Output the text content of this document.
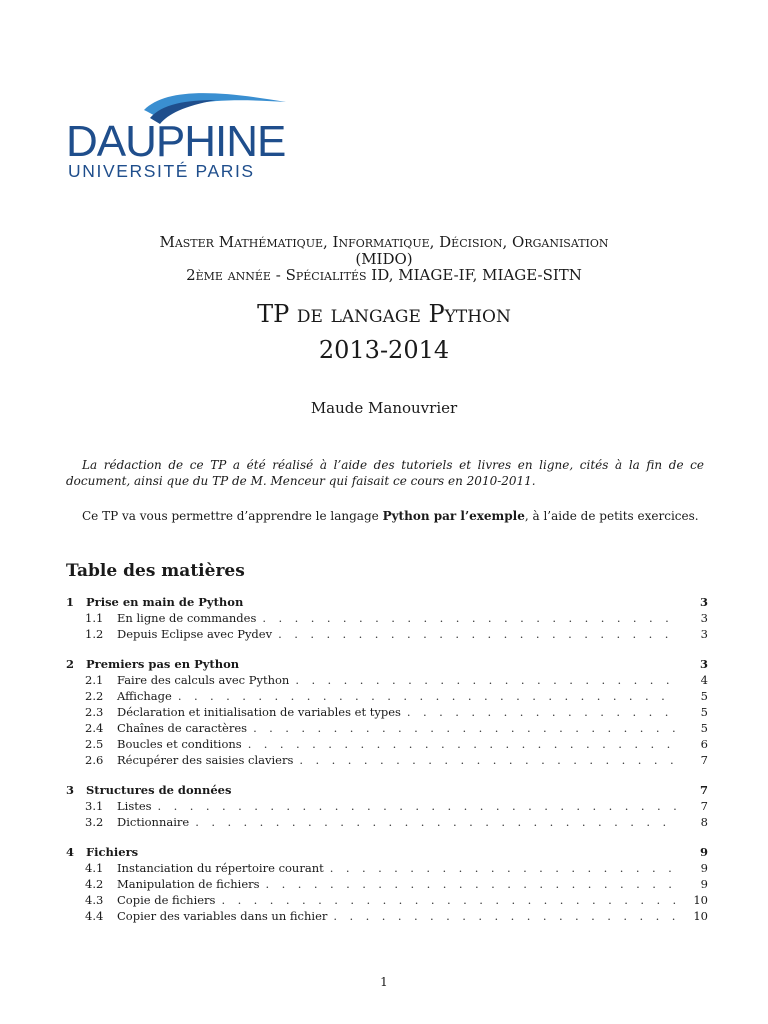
DAUPHINE
UNIVERSITÉ PARIS
Master Mathématique, Informatique, Décision, Organisation
(MIDO)
2ème année - Spécialités ID, MIAGE-IF, MIAGE-SITN
TP de langage Python
2013-2014
Maude Manouvrier
La rédaction de ce TP a été réalisé à l’aide des tutoriels et livres en ligne, cités à la fin de ce document, ainsi que du TP de M. Menceur qui faisait ce cours en 2010-2011.
Ce TP va vous permettre d’apprendre le langage Python par l’exemple, à l’aide de petits exercices.
Table des matières
1	Prise en main de Python	3
1.1	En ligne de commandes . . .	3
1.2	Depuis Eclipse avec Pydev . . .	3
2	Premiers pas en Python	3
2.1	Faire des calculs avec Python . . .	4
2.2	Affichage . . .	5
2.3	Déclaration et initialisation de variables et types . . .	5
2.4	Chaînes de caractères . . .	5
2.5	Boucles et conditions . . .	6
2.6	Récupérer des saisies claviers . . .	7
3	Structures de données	7
3.1	Listes . . .	7
3.2	Dictionnaire . . .	8
4	Fichiers	9
4.1	Instanciation du répertoire courant . . .	9
4.2	Manipulation de fichiers . . .	9
4.3	Copie de fichiers . . .	10
4.4	Copier des variables dans un fichier . . .	10
1
